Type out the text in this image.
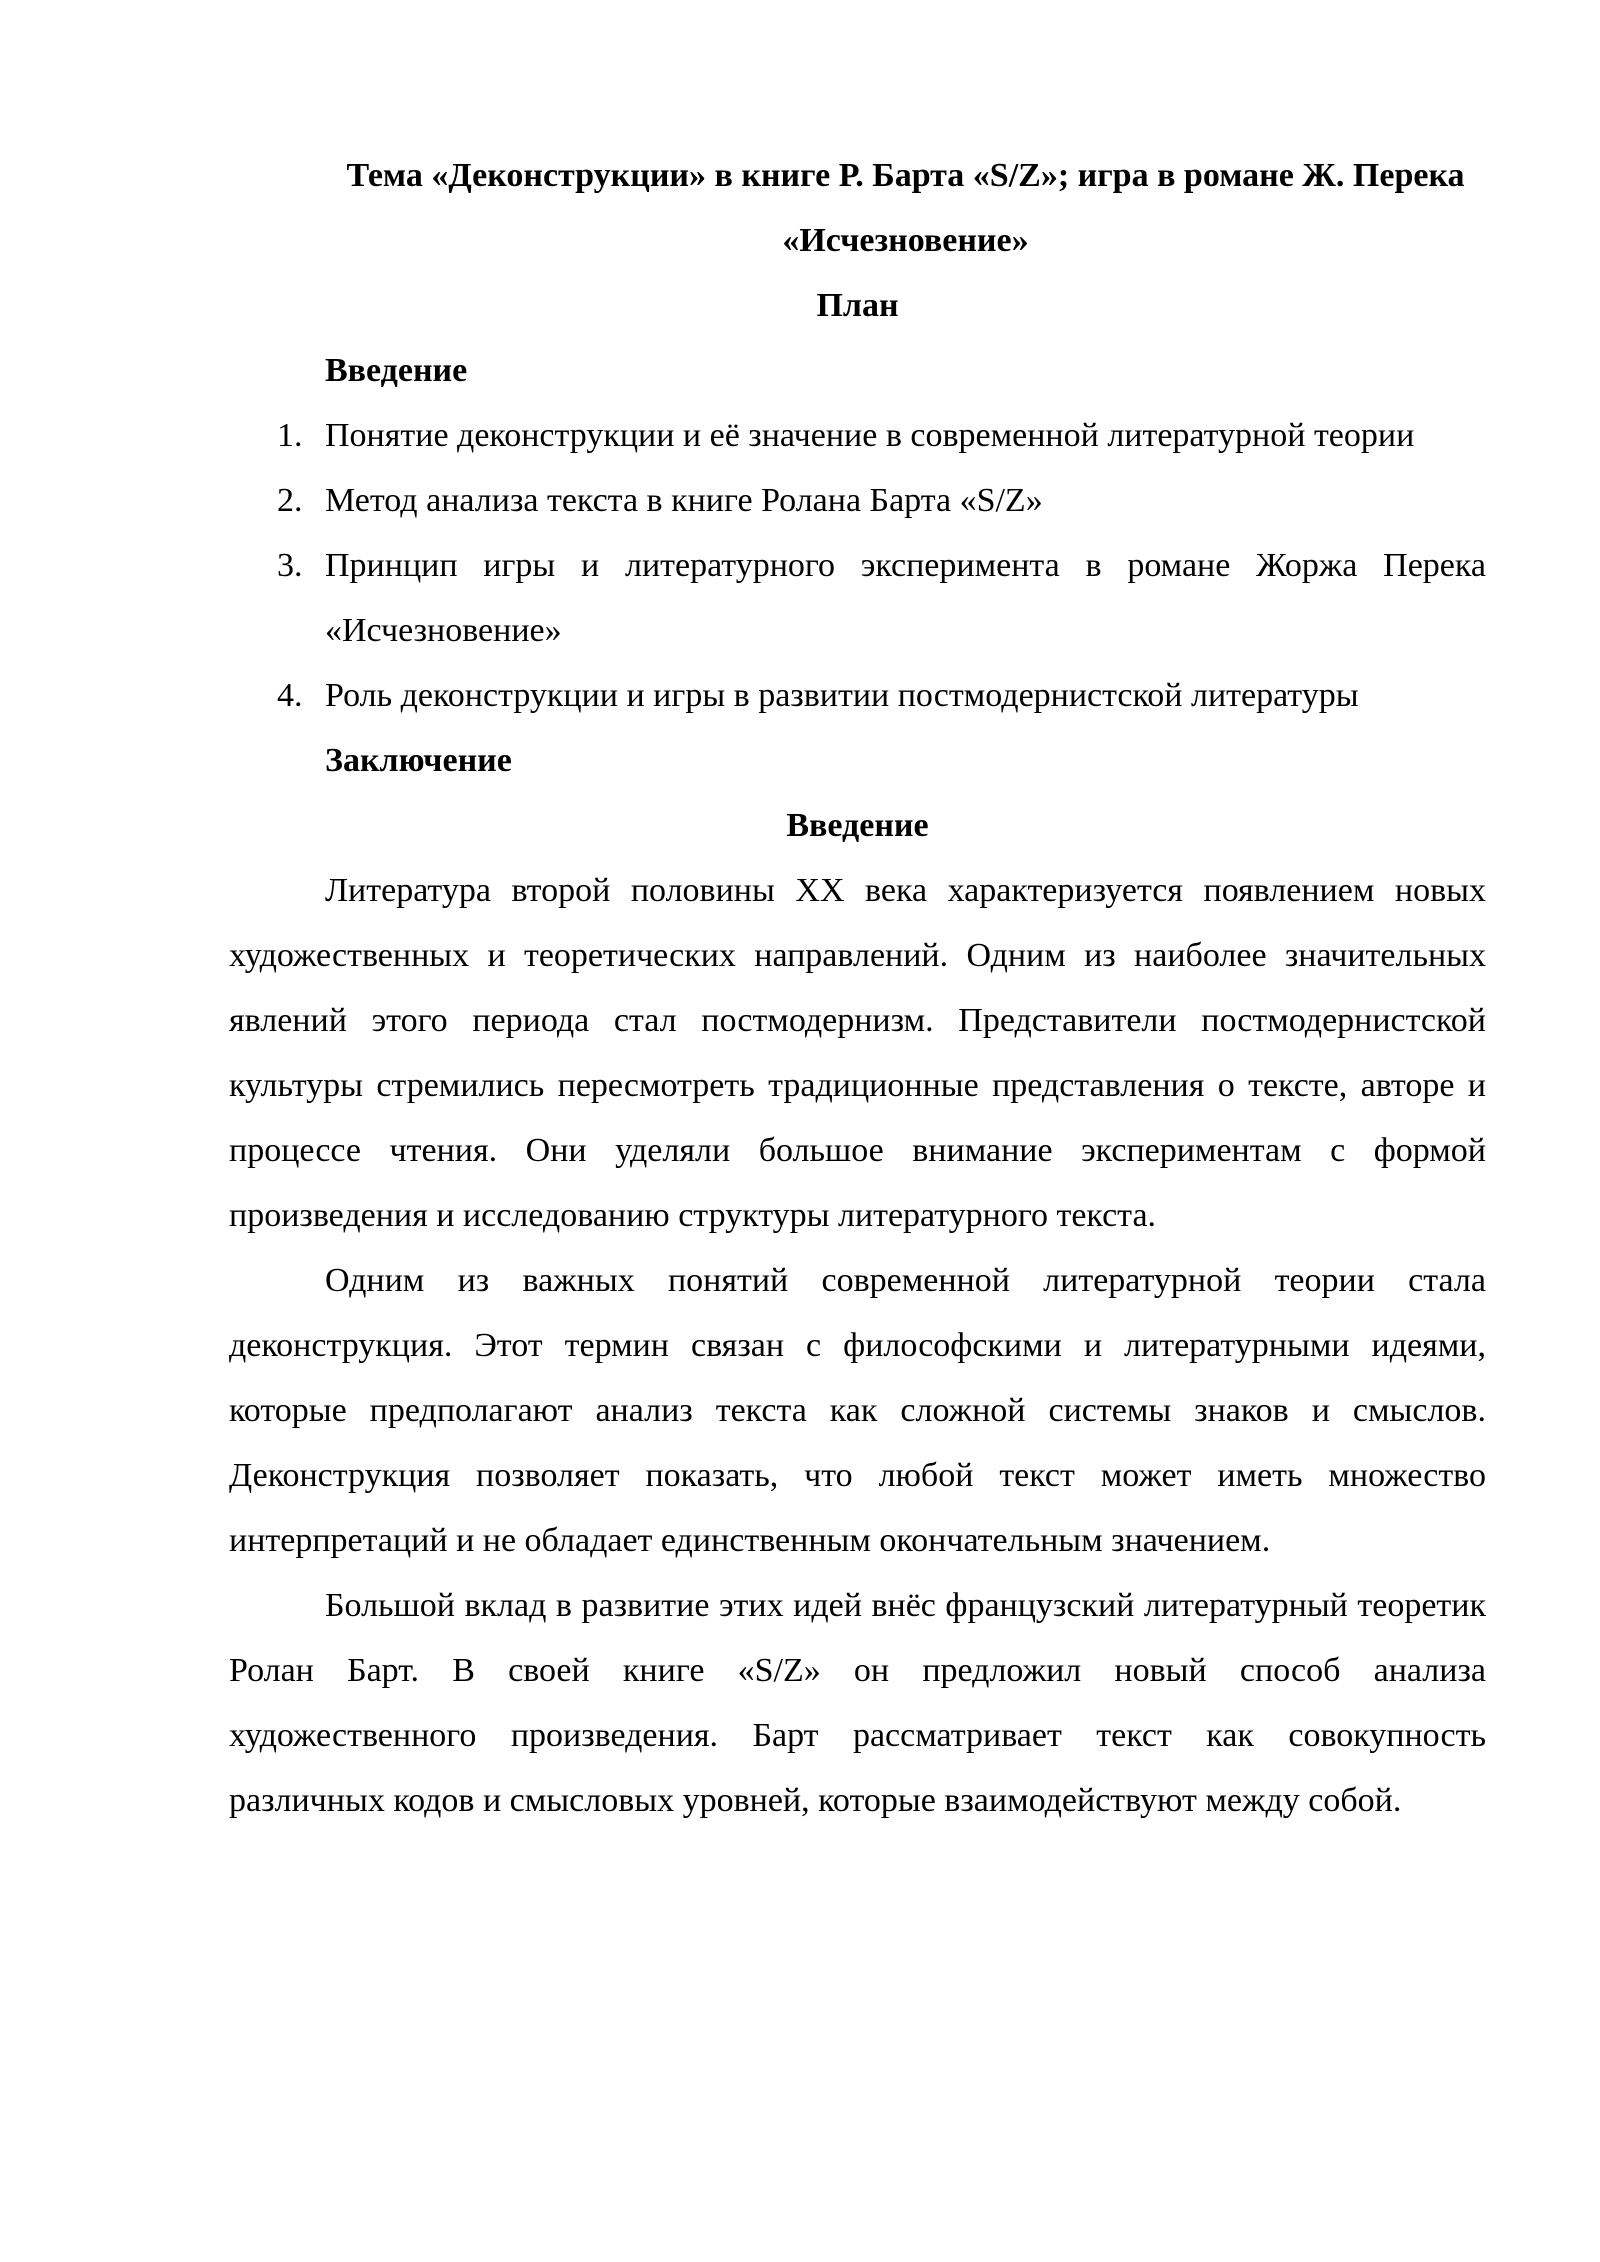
Тема «Деконструкции» в книге Р. Барта «S/Z»; игра в романе Ж. Перека «Исчезновение»
План
Введение
1. Понятие деконструкции и её значение в современной литературной теории
2. Метод анализа текста в книге Ролана Барта «S/Z»
3. Принцип игры и литературного эксперимента в романе Жоржа Перека «Исчезновение»
4. Роль деконструкции и игры в развитии постмодернистской литературы
Заключение
Введение

Литература второй половины XX века характеризуется появлением новых художественных и теоретических направлений. Одним из наиболее значительных явлений этого периода стал постмодернизм. Представители постмодернистской культуры стремились пересмотреть традиционные представления о тексте, авторе и процессе чтения. Они уделяли большое внимание экспериментам с формой произведения и исследованию структуры литературного текста.

Одним из важных понятий современной литературной теории стала деконструкция. Этот термин связан с философскими и литературными идеями, которые предполагают анализ текста как сложной системы знаков и смыслов. Деконструкция позволяет показать, что любой текст может иметь множество интерпретаций и не обладает единственным окончательным значением.

Большой вклад в развитие этих идей внёс французский литературный теоретик Ролан Барт. В своей книге «S/Z» он предложил новый способ анализа художественного произведения. Барт рассматривает текст как совокупность различных кодов и смысловых уровней, которые взаимодействуют между собой.
